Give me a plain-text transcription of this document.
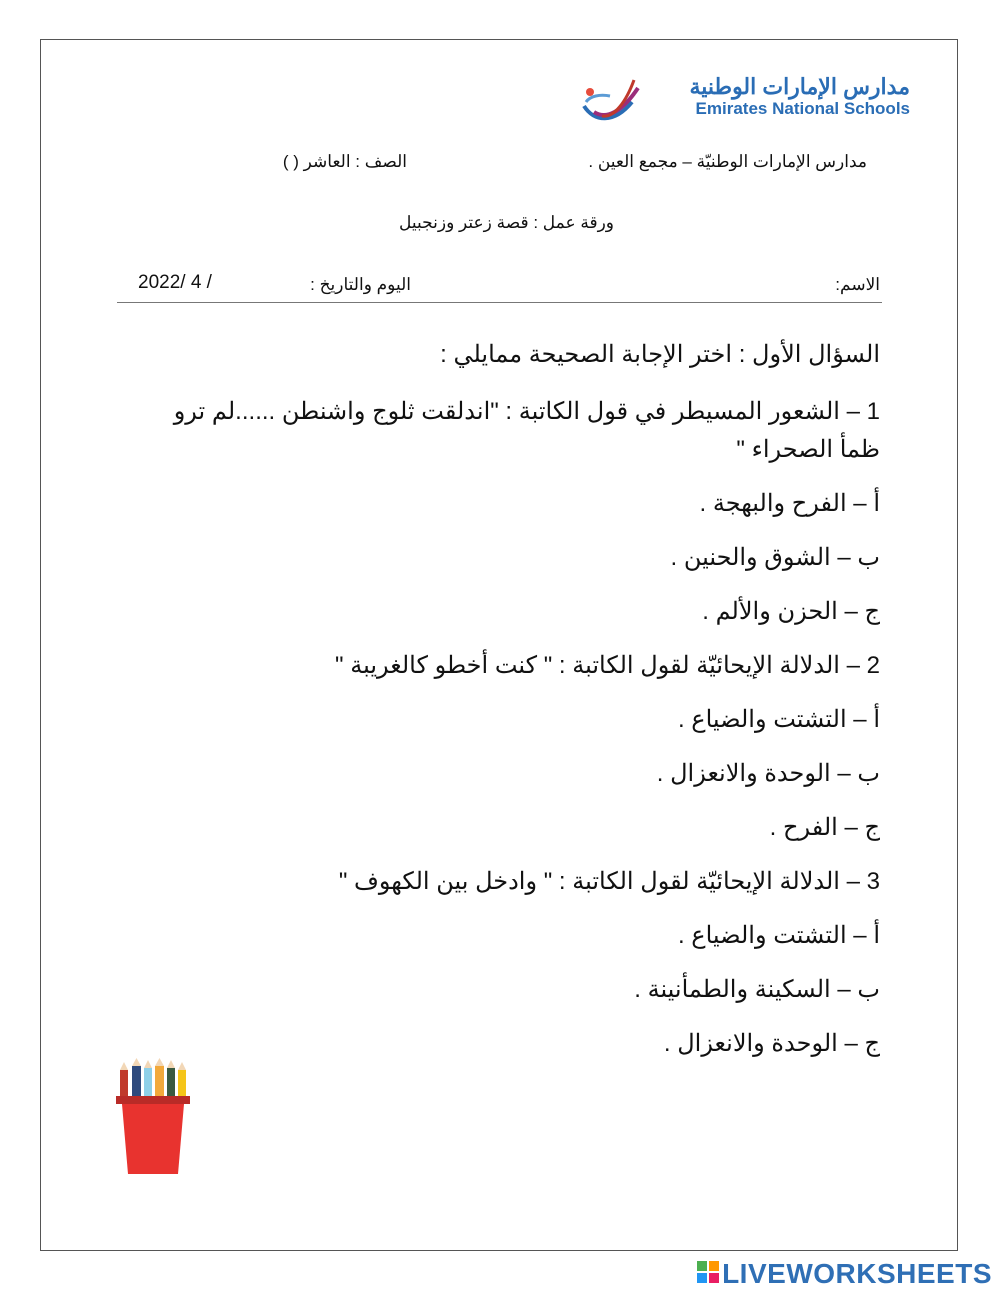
مدارس الإمارات الوطنية
Emirates National Schools
مدارس الإمارات الوطنيّة – مجمع العين .
الصف : العاشر ( )
ورقة عمل : قصة زعتر وزنجبيل
الاسم:
اليوم والتاريخ :
2022/ 4 /
السؤال الأول : اختر الإجابة الصحيحة ممايلي :
1 – الشعور المسيطر في قول الكاتبة : "اندلقت ثلوج واشنطن ......لم ترو
ظمأ الصحراء "
أ – الفرح والبهجة .
ب – الشوق والحنين .
ج – الحزن والألم .
2 – الدلالة الإيحائيّة لقول الكاتبة : " كنت أخطو كالغريبة "
أ – التشتت والضياع .
ب – الوحدة والانعزال .
ج – الفرح .
3 – الدلالة الإيحائيّة لقول الكاتبة : " وادخل بين الكهوف "
أ – التشتت والضياع .
ب – السكينة والطمأنينة .
ج – الوحدة والانعزال .
LIVEWORKSHEETS
